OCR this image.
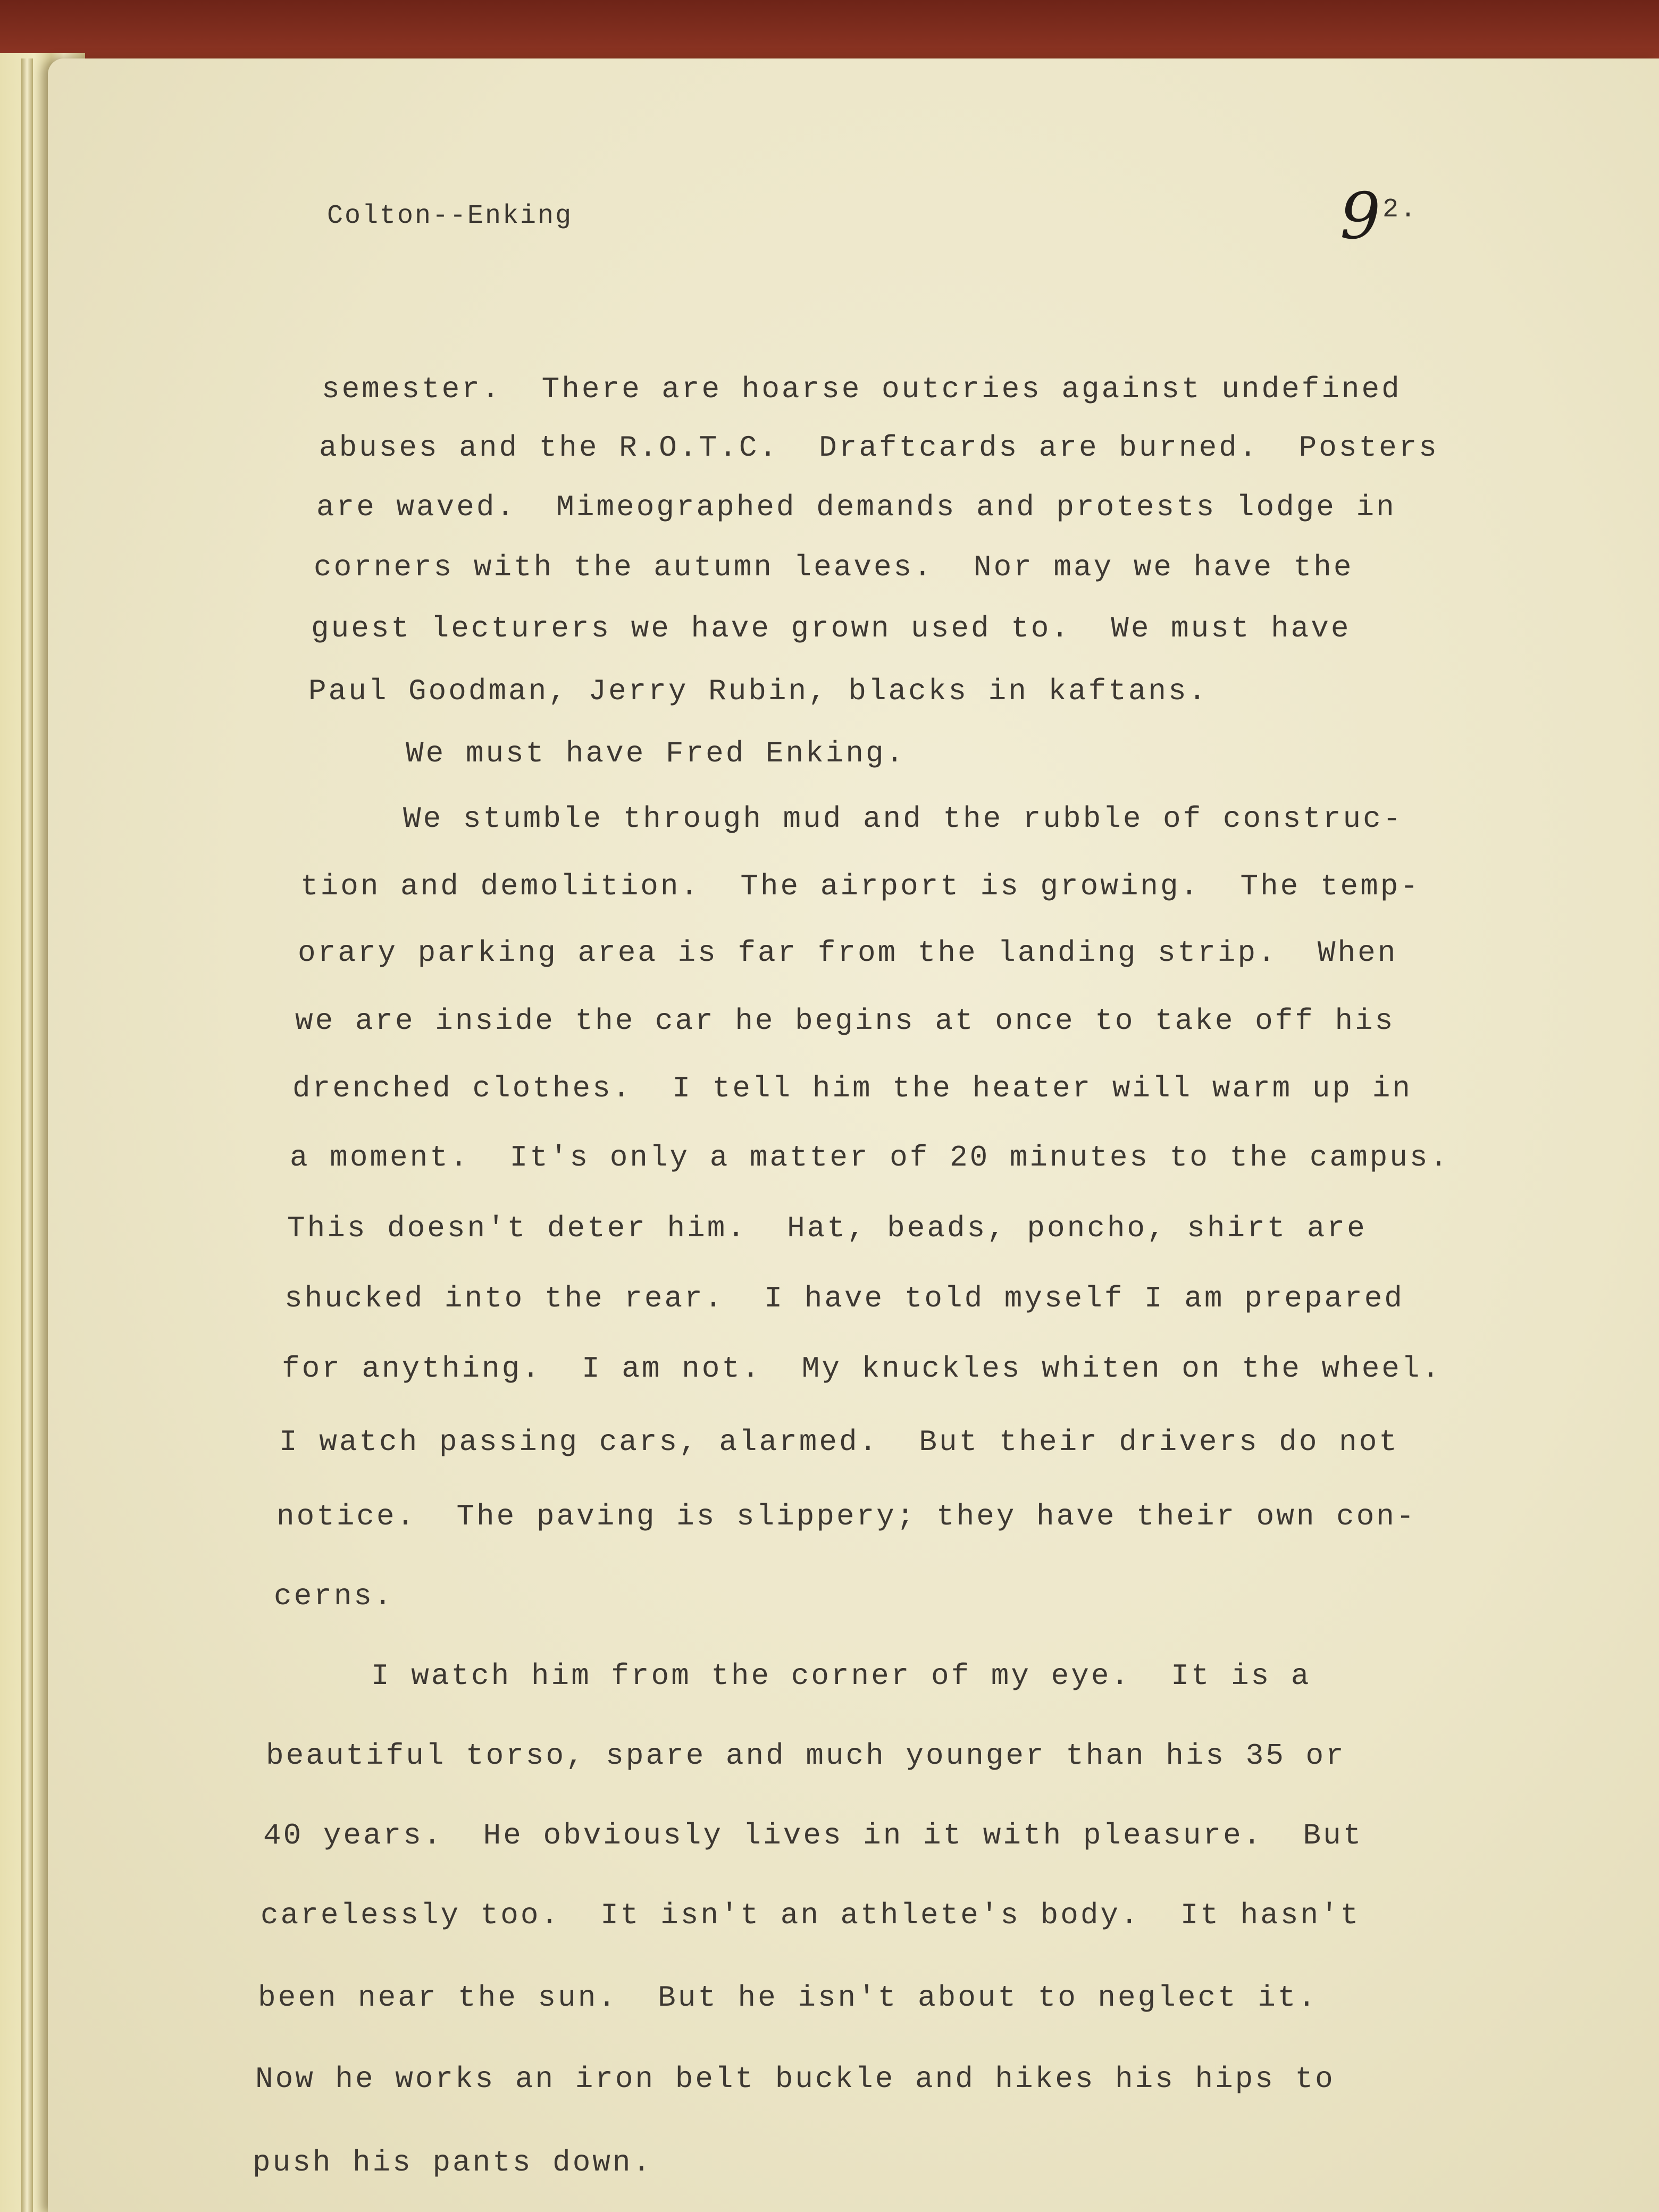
Colton--Enking	9 2.
semester.  There are hoarse outcries against undefined
abuses and the R.O.T.C.  Draftcards are burned.  Posters
are waved.  Mimeographed demands and protests lodge in
corners with the autumn leaves.  Nor may we have the
guest lecturers we have grown used to.  We must have
Paul Goodman, Jerry Rubin, blacks in kaftans.
We must have Fred Enking.
We stumble through mud and the rubble of construc-
tion and demolition.  The airport is growing.  The temp-
orary parking area is far from the landing strip.  When
we are inside the car he begins at once to take off his
drenched clothes.  I tell him the heater will warm up in
a moment.  It's only a matter of 20 minutes to the campus.
This doesn't deter him.  Hat, beads, poncho, shirt are
shucked into the rear.  I have told myself I am prepared
for anything.  I am not.  My knuckles whiten on the wheel.
I watch passing cars, alarmed.  But their drivers do not
notice.  The paving is slippery; they have their own con-
cerns.
I watch him from the corner of my eye.  It is a
beautiful torso, spare and much younger than his 35 or
40 years.  He obviously lives in it with pleasure.  But
carelessly too.  It isn't an athlete's body.  It hasn't
been near the sun.  But he isn't about to neglect it.
Now he works an iron belt buckle and hikes his hips to
push his pants down.
